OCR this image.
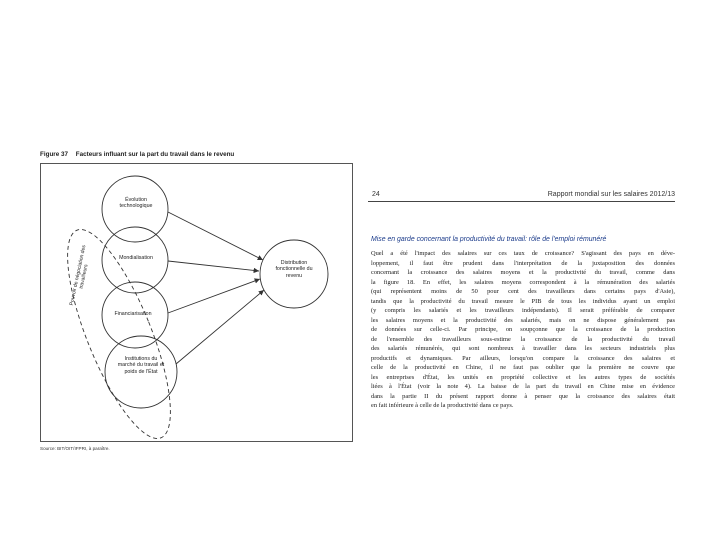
Figure 37 Facteurs influant sur la part du travail dans le revenu
Évolution technologique
Mondialisation
Financiarisation
Institutions du marché du travail et poids de l'État
Distribution fonctionnelle du revenu
Pouvoir de négociation des travailleurs
Source: BIT/OIT/IFPRI, à paraître.
24	Rapport mondial sur les salaires 2012/13
Mise en garde concernant la productivité du travail: rôle de l'emploi rémunéré
Quel a été l'impact des salaires sur ces taux de croissance? S'agissant des pays en déve-
loppement, il faut être prudent dans l'interprétation de la juxtaposition des données
concernant la croissance des salaires moyens et la productivité du travail, comme dans
la figure 18. En effet, les salaires moyens correspondent à la rémunération des salariés
(qui représentent moins de 50 pour cent des travailleurs dans certains pays d'Asie),
tandis que la productivité du travail mesure le PIB de tous les individus ayant un emploi
(y compris les salariés et les travailleurs indépendants). Il serait préférable de comparer
les salaires moyens et la productivité des salariés, mais on ne dispose généralement pas
de données sur celle-ci. Par principe, on soupçonne que la croissance de la production
de l'ensemble des travailleurs sous-estime la croissance de la productivité du travail
des salariés rémunérés, qui sont nombreux à travailler dans les secteurs industriels plus
productifs et dynamiques. Par ailleurs, lorsqu'on compare la croissance des salaires et
celle de la productivité en Chine, il ne faut pas oublier que la première ne couvre que
les entreprises d'État, les unités en propriété collective et les autres types de sociétés
liées à l'État (voir la note 4). La baisse de la part du travail en Chine mise en évidence
dans la partie II du présent rapport donne à penser que la croissance des salaires était
en fait inférieure à celle de la productivité dans ce pays.
